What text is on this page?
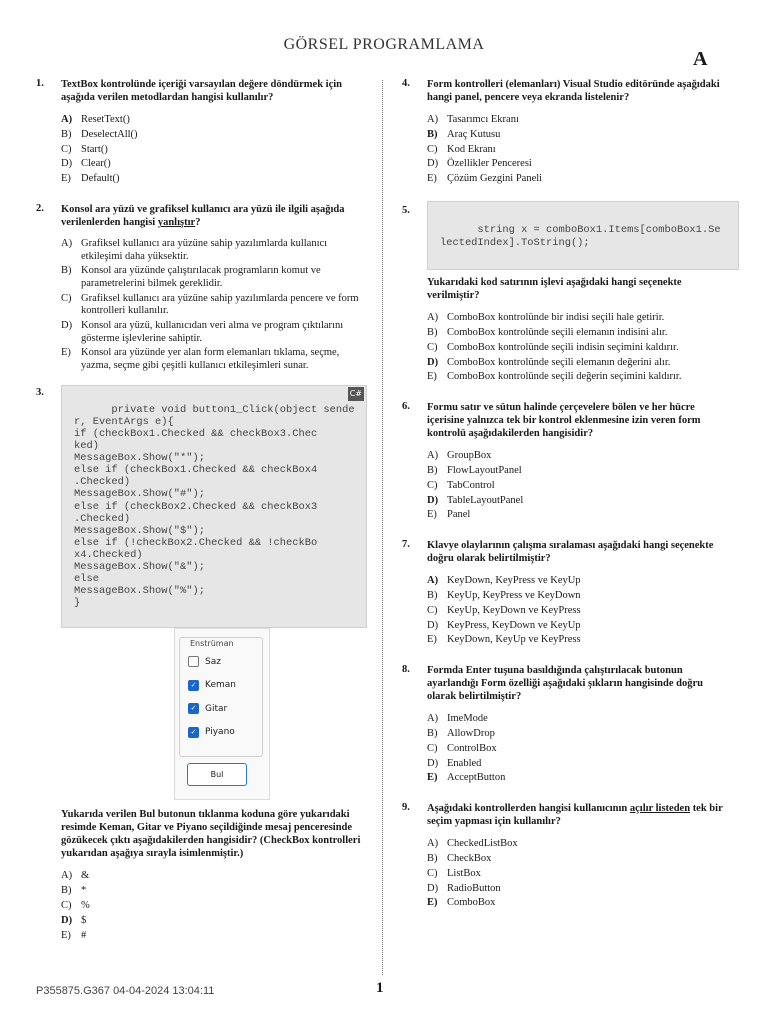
GÖRSEL PROGRAMLAMA
A
1. TextBox kontrolünde içeriği varsayılan değere döndürmek için aşağıda verilen metodlardan hangisi kullanılır?
A) ResetText()
B) DeselectAll()
C) Start()
D) Clear()
E) Default()
2. Konsol ara yüzü ve grafiksel kullanıcı ara yüzü ile ilgili aşağıda verilenlerden hangisi yanlıştır?
A) Grafiksel kullanıcı ara yüzüne sahip yazılımlarda kullanıcı etkileşimi daha yüksektir.
B) Konsol ara yüzünde çalıştırılacak programların komut ve parametrelerini bilmek gereklidir.
C) Grafiksel kullanıcı ara yüzüne sahip yazılımlarda pencere ve form kontrolleri kullanılır.
D) Konsol ara yüzü, kullanıcıdan veri alma ve program çıktılarını gösterme işlevlerine sahiptir.
E) Konsol ara yüzünde yer alan form elemanları tıklama, seçme, yazma, seçme gibi çeşitli kullanıcı etkileşimleri sunar.
3.

	C#
private void button1_Click(object sende
r, EventArgs e){
if (checkBox1.Checked && checkBox3.Chec
ked)
MessageBox.Show("*");
else if (checkBox1.Checked && checkBox4
.Checked)
MessageBox.Show("#");
else if (checkBox2.Checked && checkBox3
.Checked)
MessageBox.Show("$");
else if (!checkBox2.Checked && !checkBo
x4.Checked)
MessageBox.Show("&");
else
MessageBox.Show("%");
}

Enstrüman
Saz
✓ Keman
✓ Gitar
✓ Piyano
Bul
Yukarıda verilen Bul butonun tıklanma koduna göre yukarıdaki resimde Keman, Gitar ve Piyano seçildiğinde mesaj penceresinde gözükecek çıktı aşağıdakilerden hangisidir? (CheckBox kontrolleri yukarıdan aşağıya sırayla isimlenmiştir.)
A) &
B) *
C) %
D) $
E) #
4. Form kontrolleri (elemanları) Visual Studio editöründe aşağıdaki hangi panel, pencere veya ekranda listelenir?
A) Tasarımcı Ekranı
B) Araç Kutusu
C) Kod Ekranı
D) Özellikler Penceresi
E) Çözüm Gezgini Paneli
5.

string x = comboBox1.Items[comboBox1.Se
lectedIndex].ToString();

Yukarıdaki kod satırının işlevi aşağıdaki hangi seçenekte verilmiştir?
A) ComboBox kontrolünde bir indisi seçili hale getirir.
B) ComboBox kontrolünde seçili elemanın indisini alır.
C) ComboBox kontrolünde seçili indisin seçimini kaldırır.
D) ComboBox kontrolünde seçili elemanın değerini alır.
E) ComboBox kontrolünde seçili değerin seçimini kaldırır.
6. Formu satır ve sütun halinde çerçevelere bölen ve her hücre içerisine yalnızca tek bir kontrol eklenmesine izin veren form kontrolü aşağıdakilerden hangisidir?
A) GroupBox
B) FlowLayoutPanel
C) TabControl
D) TableLayoutPanel
E) Panel
7. Klavye olaylarının çalışma sıralaması aşağıdaki hangi seçenekte doğru olarak belirtilmiştir?
A) KeyDown, KeyPress ve KeyUp
B) KeyUp, KeyPress ve KeyDown
C) KeyUp, KeyDown ve KeyPress
D) KeyPress, KeyDown ve KeyUp
E) KeyDown, KeyUp ve KeyPress
8. Formda Enter tuşuna basıldığında çalıştırılacak butonun ayarlandığı Form özelliği aşağıdaki şıkların hangisinde doğru olarak belirtilmiştir?
A) ImeMode
B) AllowDrop
C) ControlBox
D) Enabled
E) AcceptButton
9. Aşağıdaki kontrollerden hangisi kullanıcının açılır listeden tek bir seçim yapması için kullanılır?
A) CheckedListBox
B) CheckBox
C) ListBox
D) RadioButton
E) ComboBox
P355875.G367 04-04-2024 13:04:11	1
